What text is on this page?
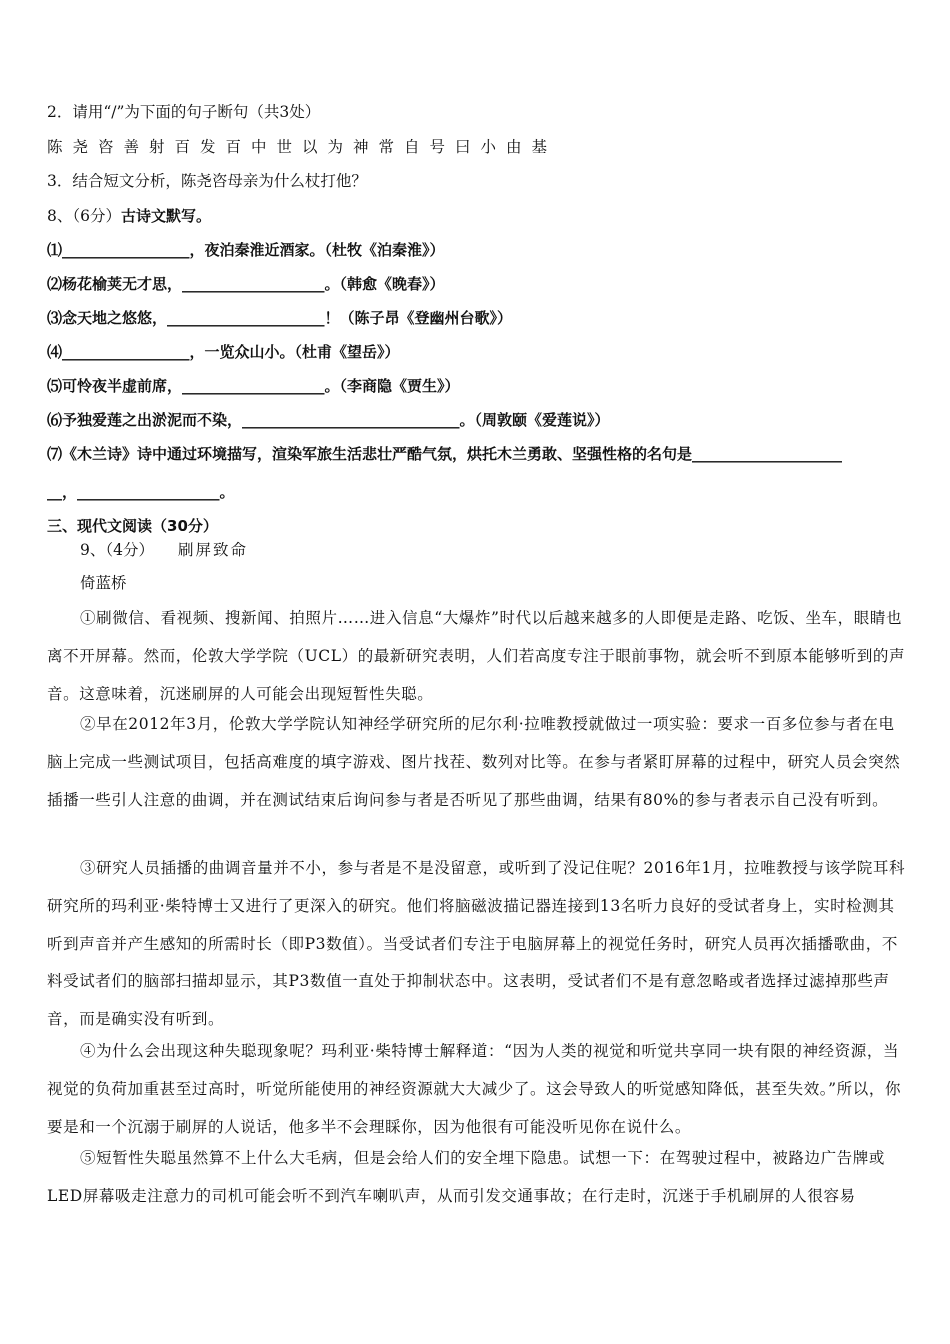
2．请用“/”为下面的句子断句（共3处）
陈尧咨善射百发百中世以为神常自号曰小由基
3．结合短文分析，陈尧咨母亲为什么杖打他？
8、（6分）古诗文默写。
⑴_________________，夜泊秦淮近酒家。（杜牧《泊秦淮》）
⑵杨花榆荚无才思，___________________。（韩愈《晚春》）
⑶念天地之悠悠，_____________________！（陈子昂《登幽州台歌》）
⑷_________________，一览众山小。（杜甫《望岳》）
⑸可怜夜半虚前席，___________________。（李商隐《贾生》）
⑹予独爱莲之出淤泥而不染，_____________________________。（周敦颐《爱莲说》）
⑺《木兰诗》诗中通过环境描写，渲染军旅生活悲壮严酷气氛，烘托木兰勇敢、坚强性格的名句是____________________
__，___________________。
三、现代文阅读（30分）
9、（4分） 刷屏致命
倚蓝桥

①刷微信、看视频、搜新闻、拍照片……进入信息“大爆炸”时代以后越来越多的人即便是走路、吃饭、坐车，眼睛也离不开屏幕。然而，伦敦大学学院（UCL）的最新研究表明，人们若高度专注于眼前事物，就会听不到原本能够听到的声音。这意味着，沉迷刷屏的人可能会出现短暂性失聪。

②早在2012年3月，伦敦大学学院认知神经学研究所的尼尔利·拉唯教授就做过一项实验：要求一百多位参与者在电脑上完成一些测试项目，包括高难度的填字游戏、图片找茬、数列对比等。在参与者紧盯屏幕的过程中，研究人员会突然插播一些引人注意的曲调，并在测试结束后询问参与者是否听见了那些曲调，结果有80%的参与者表示自己没有听到。

③研究人员插播的曲调音量并不小，参与者是不是没留意，或听到了没记住呢？2016年1月，拉唯教授与该学院耳科研究所的玛利亚·柴特博士又进行了更深入的研究。他们将脑磁波描记器连接到13名听力良好的受试者身上，实时检测其听到声音并产生感知的所需时长（即P3数值）。当受试者们专注于电脑屏幕上的视觉任务时，研究人员再次插播歌曲，不料受试者们的脑部扫描却显示，其P3数值一直处于抑制状态中。这表明，受试者们不是有意忽略或者选择过滤掉那些声音，而是确实没有听到。

④为什么会出现这种失聪现象呢？玛利亚·柴特博士解释道：“因为人类的视觉和听觉共享同一块有限的神经资源，当视觉的负荷加重甚至过高时，听觉所能使用的神经资源就大大减少了。这会导致人的听觉感知降低，甚至失效。”所以，你要是和一个沉溺于刷屏的人说话，他多半不会理睬你，因为他很有可能没听见你在说什么。

⑤短暂性失聪虽然算不上什么大毛病，但是会给人们的安全埋下隐患。试想一下：在驾驶过程中，被路边广告牌或LED屏幕吸走注意力的司机可能会听不到汽车喇叭声，从而引发交通事故；在行走时，沉迷于手机刷屏的人很容易
